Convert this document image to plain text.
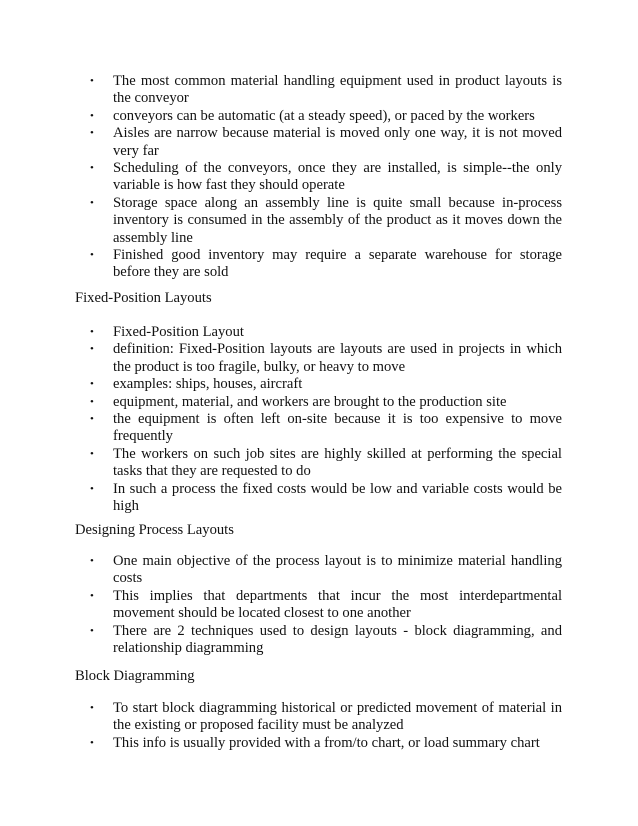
•	The most common material handling equipment used in product layouts is the conveyor
•	conveyors can be automatic (at a steady speed), or paced by the workers
•	Aisles are narrow because material is moved only one way, it is not moved very far
•	Scheduling of the conveyors, once they are installed, is simple--the only variable is how fast they should operate
•	Storage space along an assembly line is quite small because in-process inventory is consumed in the assembly of the product as it moves down the assembly line
•	Finished good inventory may require a separate warehouse for storage before they are sold
Fixed-Position Layouts
•	Fixed-Position Layout
•	definition: Fixed-Position layouts are layouts are used in projects in which the product is too fragile, bulky, or heavy to move
•	examples: ships, houses, aircraft
•	equipment, material, and workers are brought to the production site
•	the equipment is often left on-site because it is too expensive to move frequently
•	The workers on such job sites are highly skilled at performing the special tasks that they are requested to do
•	In such a process the fixed costs would be low and variable costs would be high
Designing Process Layouts
•	One main objective of the process layout is to minimize material handling costs
•	This implies that departments that incur the most interdepartmental movement should be located closest to one another
•	There are 2 techniques used to design layouts - block diagramming, and relationship diagramming
Block Diagramming
•	To start block diagramming historical or predicted movement of material in the existing or proposed facility must be analyzed
•	This info is usually provided with a from/to chart, or load summary chart
